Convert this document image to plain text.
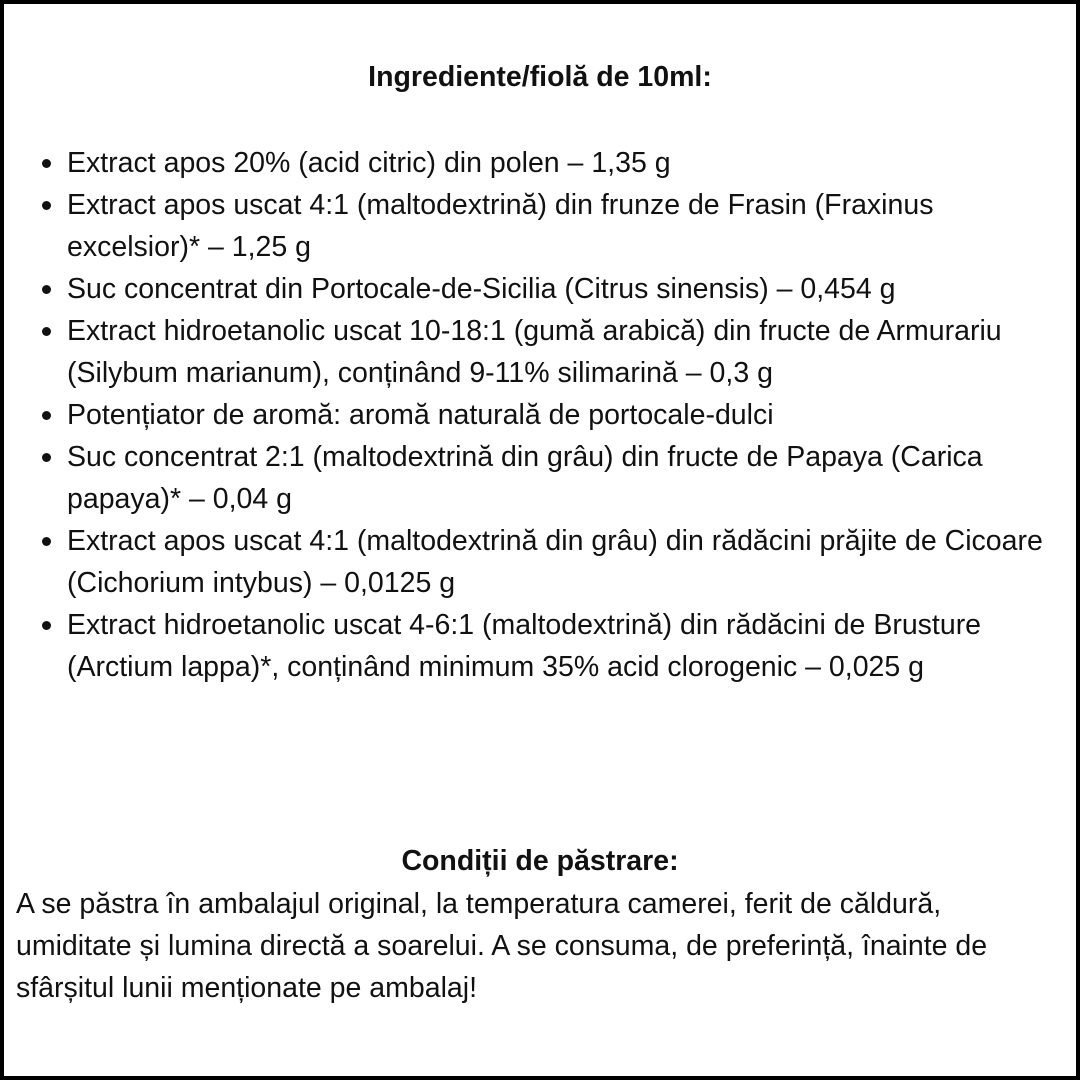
Ingrediente/fiolă de 10ml:
Extract apos 20% (acid citric) din polen – 1,35 g
Extract apos uscat 4:1 (maltodextrină) din frunze de Frasin (Fraxinus excelsior)* – 1,25 g
Suc concentrat din Portocale-de-Sicilia (Citrus sinensis) – 0,454 g
Extract hidroetanolic uscat 10-18:1 (gumă arabică) din fructe de Armurariu (Silybum marianum), conținând 9-11% silimarină – 0,3 g
Potențiator de aromă: aromă naturală de portocale-dulci
Suc concentrat 2:1 (maltodextrină din grâu) din fructe de Papaya (Carica papaya)* – 0,04 g
Extract apos uscat 4:1 (maltodextrină din grâu) din rădăcini prăjite de Cicoare (Cichorium intybus) – 0,0125 g
Extract hidroetanolic uscat 4-6:1 (maltodextrină) din rădăcini de Brusture (Arctium lappa)*, conținând minimum 35% acid clorogenic – 0,025 g
Condiții de păstrare:

A se păstra în ambalajul original, la temperatura camerei, ferit de căldură, umiditate și lumina directă a soarelui. A se consuma, de preferință, înainte de sfârșitul lunii menționate pe ambalaj!
